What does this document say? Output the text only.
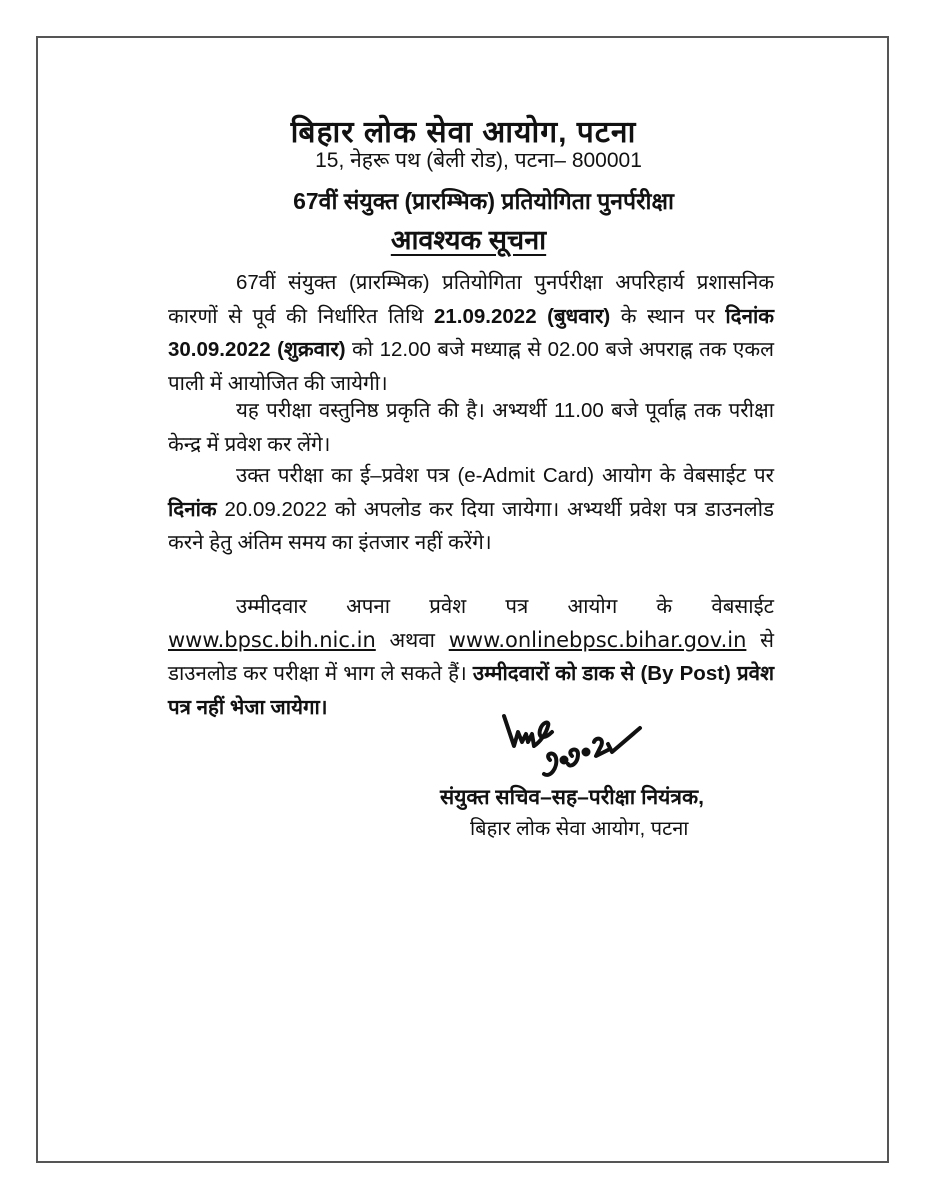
बिहार लोक सेवा आयोग, पटना
15, नेहरू पथ (बेली रोड), पटना– 800001
67वीं संयुक्त (प्रारम्भिक) प्रतियोगिता पुनर्परीक्षा
आवश्यक सूचना

67वीं संयुक्त (प्रारम्भिक) प्रतियोगिता पुनर्परीक्षा अपरिहार्य प्रशासनिक कारणों से पूर्व की निर्धारित तिथि 21.09.2022 (बुधवार) के स्थान पर दिनांक 30.09.2022 (शुक्रवार) को 12.00 बजे मध्याह्न से 02.00 बजे अपराह्न तक एकल पाली में आयोजित की जायेगी।

यह परीक्षा वस्तुनिष्ठ प्रकृति की है। अभ्यर्थी 11.00 बजे पूर्वाह्न तक परीक्षा केन्द्र में प्रवेश कर लेंगे।

उक्त परीक्षा का ई–प्रवेश पत्र (e-Admit Card) आयोग के वेबसाईट पर दिनांक 20.09.2022 को अपलोड कर दिया जायेगा। अभ्यर्थी प्रवेश पत्र डाउनलोड करने हेतु अंतिम समय का इंतजार नहीं करेंगे।

उम्मीदवार अपना प्रवेश पत्र आयोग के वेबसाईट www.bpsc.bih.nic.in अथवा www.onlinebpsc.bihar.gov.in से डाउनलोड कर परीक्षा में भाग ले सकते हैं। उम्मीदवारों को डाक से (By Post) प्रवेश पत्र नहीं भेजा जायेगा।

संयुक्त सचिव–सह–परीक्षा नियंत्रक,
बिहार लोक सेवा आयोग, पटना
